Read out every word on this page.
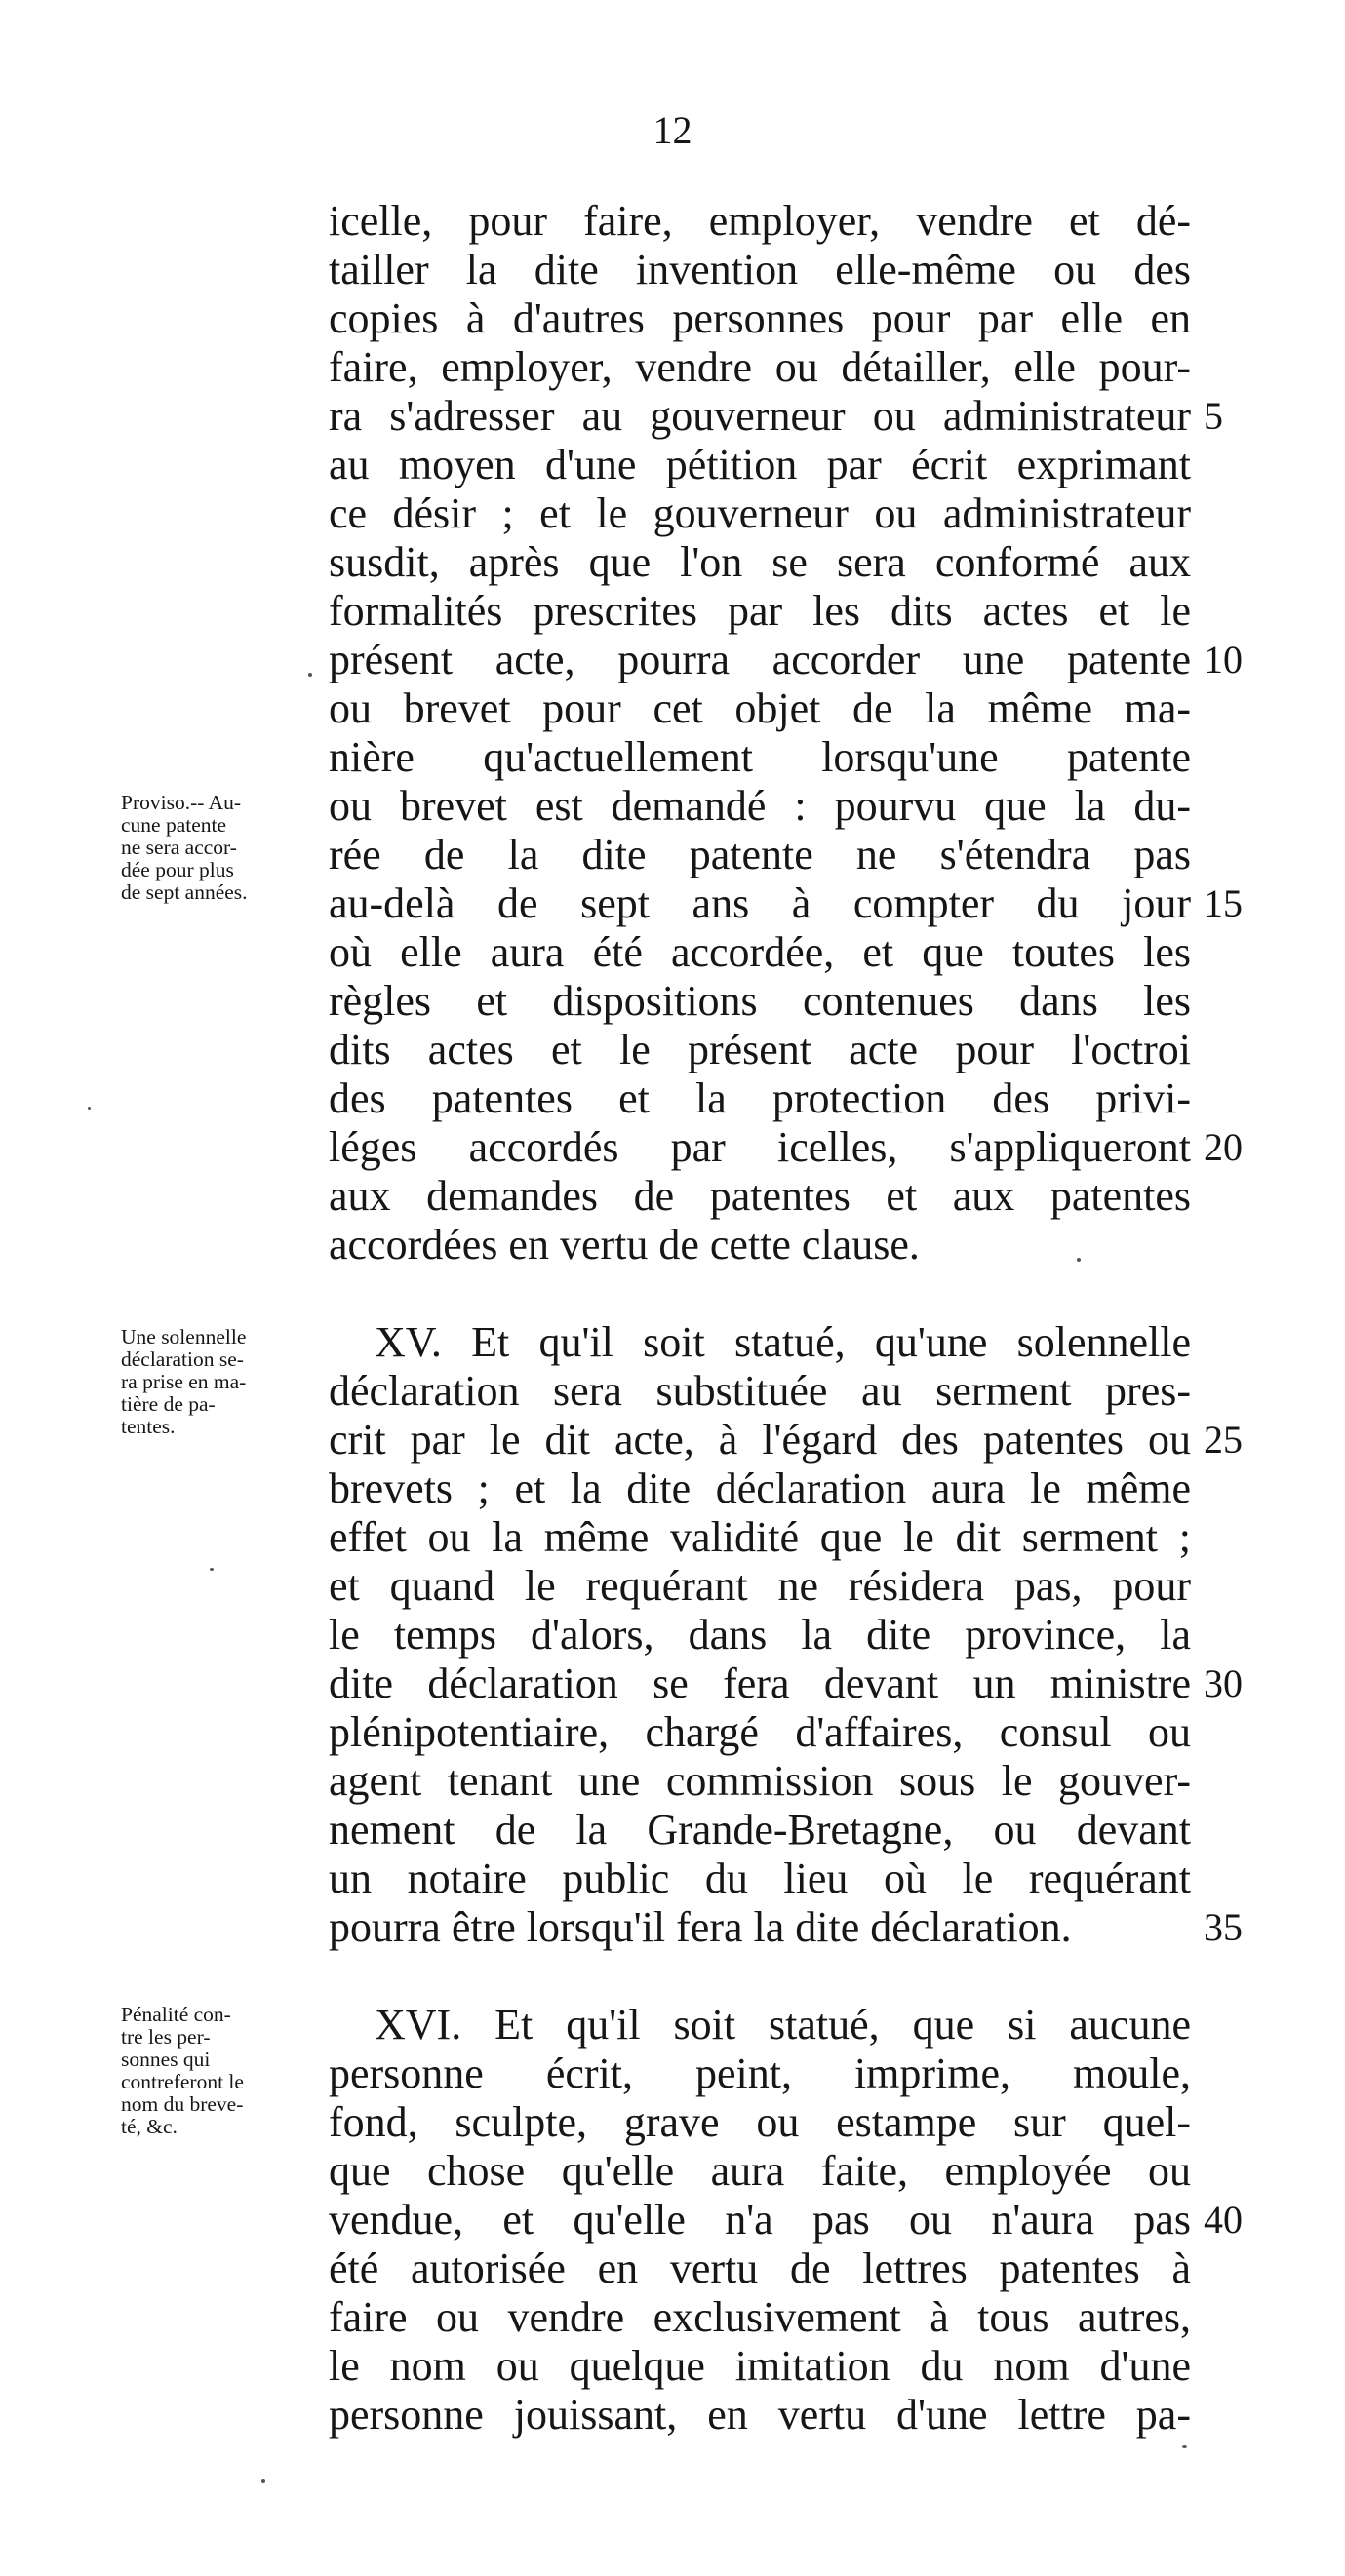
12
icelle, pour faire, employer, vendre et dé-
tailler la dite invention elle-même ou des
copies à d'autres personnes pour par elle en
faire, employer, vendre ou détailler, elle pour-
ra s'adresser au gouverneur ou administrateur
au moyen d'une pétition par écrit exprimant
ce désir ; et le gouverneur ou administrateur
susdit, après que l'on se sera conformé aux
formalités prescrites par les dits actes et le
présent acte, pourra accorder une patente
ou brevet pour cet objet de la même ma-
nière qu'actuellement lorsqu'une patente
ou brevet est demandé : pourvu que la du-
rée de la dite patente ne s'étendra pas
au-delà de sept ans à compter du jour
où elle aura été accordée, et que toutes les
règles et dispositions contenues dans les
dits actes et le présent acte pour l'octroi
des patentes et la protection des privi-
léges accordés par icelles, s'appliqueront
aux demandes de patentes et aux patentes
accordées en vertu de cette clause.
XV. Et qu'il soit statué, qu'une solennelle
déclaration sera substituée au serment pres-
crit par le dit acte, à l'égard des patentes ou
brevets ; et la dite déclaration aura le même
effet ou la même validité que le dit serment ;
et quand le requérant ne résidera pas, pour
le temps d'alors, dans la dite province, la
dite déclaration se fera devant un ministre
plénipotentiaire, chargé d'affaires, consul ou
agent tenant une commission sous le gouver-
nement de la Grande-Bretagne, ou devant
un notaire public du lieu où le requérant
pourra être lorsqu'il fera la dite déclaration.
XVI. Et qu'il soit statué, que si aucune
personne écrit, peint, imprime, moule,
fond, sculpte, grave ou estampe sur quel-
que chose qu'elle aura faite, employée ou
vendue, et qu'elle n'a pas ou n'aura pas
été autorisée en vertu de lettres patentes à
faire ou vendre exclusivement à tous autres,
le nom ou quelque imitation du nom d'une
personne jouissant, en vertu d'une lettre pa-
5
10
15
20
25
30
35
40
Proviso.-- Au-
cune patente
ne sera accor-
dée pour plus
de sept années.
Une solennelle
déclaration se-
ra prise en ma-
tière de pa-
tentes.
Pénalité con-
tre les per-
sonnes qui
contreferont le
nom du breve-
té, &c.
